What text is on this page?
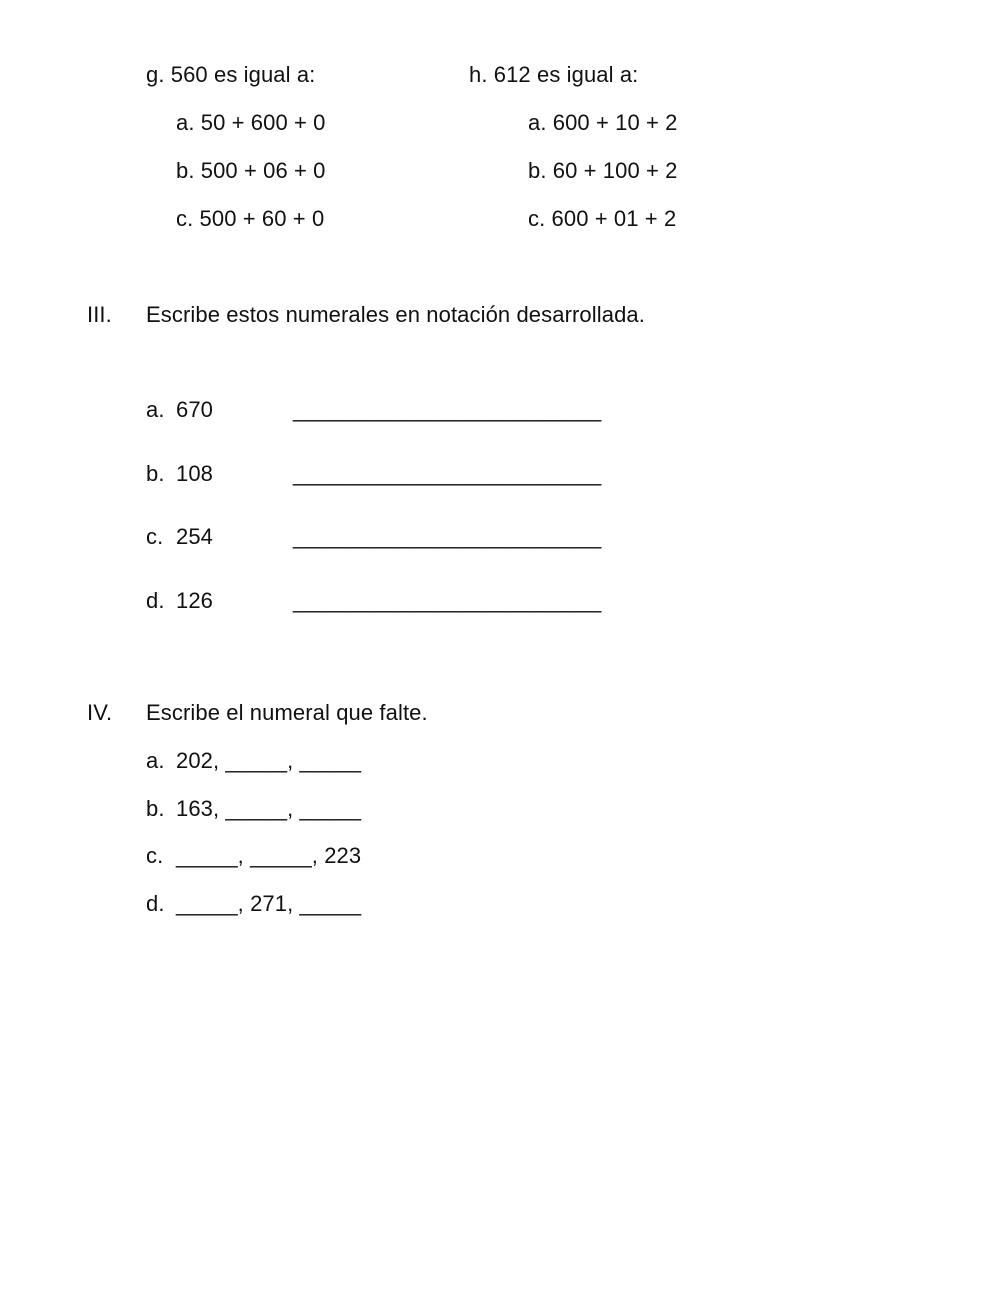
g. 560 es igual a:
a. 50 + 600 + 0
b. 500 + 06 + 0
c. 500 + 60 + 0
h. 612 es igual a:
a. 600 + 10 + 2
b. 60 + 100 + 2
c. 600 + 01 + 2
III. Escribe estos numerales en notación desarrollada.
a. 670	_________________________
b. 108	_________________________
c. 254	_________________________
d. 126	_________________________
IV. Escribe el numeral que falte.
a. 202, _____, _____
b. 163, _____, _____
c. _____, _____, 223
d. _____, 271, _____
